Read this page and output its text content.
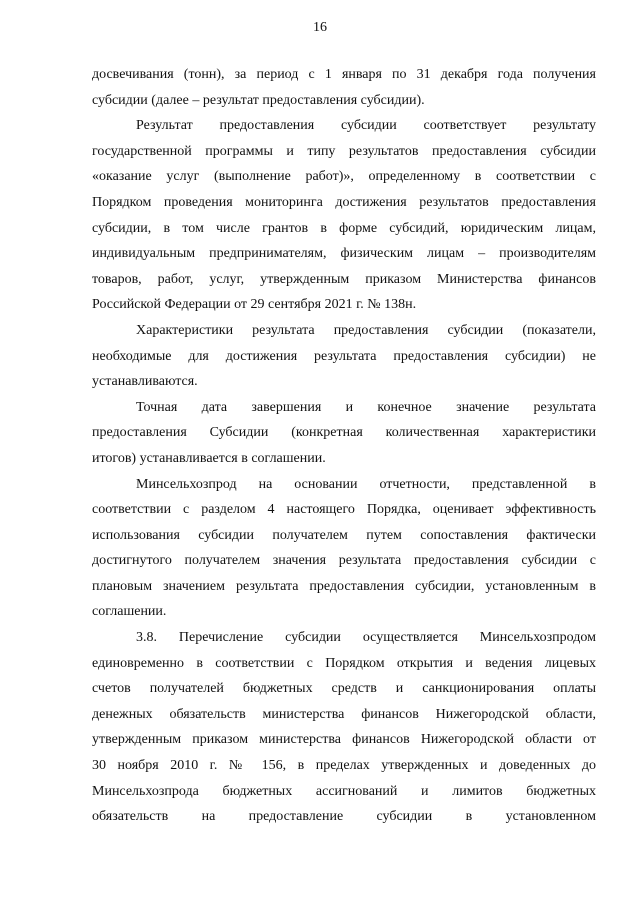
16

досвечивания (тонн), за период с 1 января по 31 декабря года получения

субсидии (далее – результат предоставления субсидии).

Результат предоставления субсидии соответствует результату

государственной программы и типу результатов предоставления субсидии

«оказание услуг (выполнение работ)», определенному в соответствии с

Порядком проведения мониторинга достижения результатов предоставления

субсидии, в том числе грантов в форме субсидий, юридическим лицам,

индивидуальным предпринимателям, физическим лицам – производителям

товаров, работ, услуг, утвержденным приказом Министерства финансов

Российской Федерации от 29 сентября 2021 г. № 138н.

Характеристики результата предоставления субсидии (показатели,

необходимые для достижения результата предоставления субсидии) не

устанавливаются.

Точная дата завершения и конечное значение результата

предоставления Субсидии (конкретная количественная характеристики

итогов) устанавливается в соглашении.

Минсельхозпрод на основании отчетности, представленной в

соответствии с разделом 4 настоящего Порядка, оценивает эффективность

использования субсидии получателем путем сопоставления фактически

достигнутого получателем значения результата предоставления субсидии с

плановым значением результата предоставления субсидии, установленным в

соглашении.

3.8. Перечисление субсидии осуществляется Минсельхозпродом

единовременно в соответствии с Порядком открытия и ведения лицевых

счетов получателей бюджетных средств и санкционирования оплаты

денежных обязательств министерства финансов Нижегородской области,

утвержденным приказом министерства финансов Нижегородской области от

30 ноября 2010 г. № 156, в пределах утвержденных и доведенных до

Минсельхозпрода бюджетных ассигнований и лимитов бюджетных

обязательств на предоставление субсидии в установленном
